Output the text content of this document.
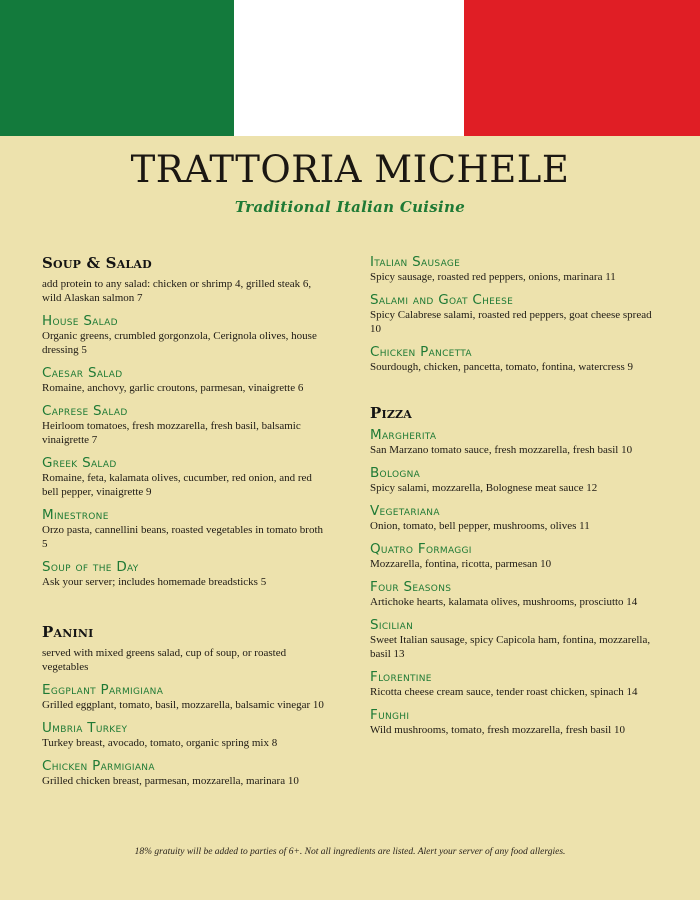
TRATTORIA MICHELE
Traditional Italian Cuisine
Soup & Salad
add protein to any salad: chicken or shrimp 4, grilled steak 6, wild Alaskan salmon 7
House Salad
Organic greens, crumbled gorgonzola, Cerignola olives, house dressing 5
Caesar Salad
Romaine, anchovy, garlic croutons, parmesan, vinaigrette 6
Caprese Salad
Heirloom tomatoes, fresh mozzarella, fresh basil, balsamic vinaigrette 7
Greek Salad
Romaine, feta, kalamata olives, cucumber, red onion, and red bell pepper, vinaigrette 9
Minestrone
Orzo pasta, cannellini beans, roasted vegetables in tomato broth 5
Soup of the Day
Ask your server; includes homemade breadsticks 5
Panini
served with mixed greens salad, cup of soup, or roasted vegetables
Eggplant Parmigiana
Grilled eggplant, tomato, basil, mozzarella, balsamic vinegar 10
Umbria Turkey
Turkey breast, avocado, tomato, organic spring mix 8
Chicken Parmigiana
Grilled chicken breast, parmesan, mozzarella, marinara 10
Italian Sausage
Spicy sausage, roasted red peppers, onions, marinara 11
Salami and Goat Cheese
Spicy Calabrese salami, roasted red peppers, goat cheese spread 10
Chicken Pancetta
Sourdough, chicken, pancetta, tomato, fontina, watercress 9
Pizza
Margherita
San Marzano tomato sauce, fresh mozzarella, fresh basil 10
Bologna
Spicy salami, mozzarella, Bolognese meat sauce 12
Vegetariana
Onion, tomato, bell pepper, mushrooms, olives 11
Quatro Formaggi
Mozzarella, fontina, ricotta, parmesan 10
Four Seasons
Artichoke hearts, kalamata olives, mushrooms, prosciutto 14
Sicilian
Sweet Italian sausage, spicy Capicola ham, fontina, mozzarella, basil 13
Florentine
Ricotta cheese cream sauce, tender roast chicken, spinach 14
Funghi
Wild mushrooms, tomato, fresh mozzarella, fresh basil 10
18% gratuity will be added to parties of 6+. Not all ingredients are listed. Alert your server of any food allergies.
